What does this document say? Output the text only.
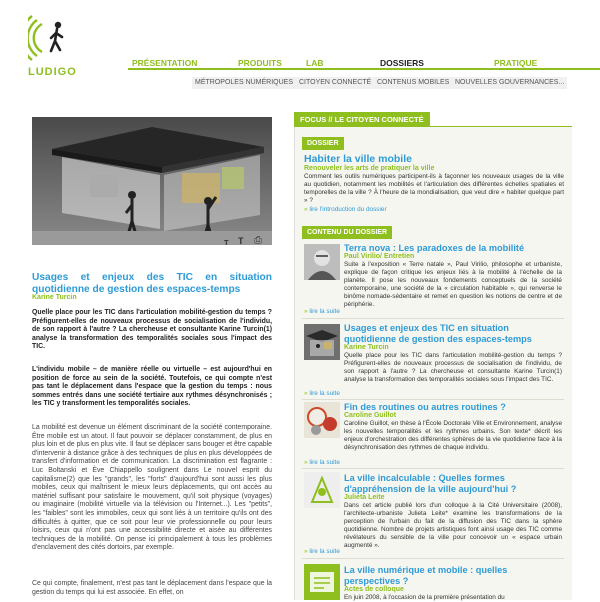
LUDIGO
PRÉSENTATION	PRODUITS	LAB	DOSSIERS	PRATIQUE
MÉTROPOLES NUMÉRIQUES CITOYEN CONNECTÉ CONTENUS MOBILES NOUVELLES GOUVERNANCES...
T T ⎙
Usages et enjeux des TIC en situation quotidienne de gestion des espaces-temps
Karine Turcin

Quelle place pour les TIC dans l'articulation mobilité-gestion du temps ? Préfigurent-elles de nouveaux processus de socialisation de l'individu, de son rapport à l'autre ? La chercheuse et consultante Karine Turcin(1) analyse la transformation des temporalités sociales sous l'impact des TIC.

L'individu mobile – de manière réelle ou virtuelle – est aujourd'hui en position de force au sein de la société. Toutefois, ce qui compte n'est pas tant le déplacement dans l'espace que la gestion du temps : nous sommes entrés dans une société tertiaire aux rythmes désynchronisés ; les TIC y transforment les temporalités sociales.

La mobilité est devenue un élément discriminant de la société contemporaine. Être mobile est un atout. Il faut pouvoir se déplacer constamment, de plus en plus loin et de plus en plus vite. Il faut se déplacer sans bouger et être capable d'intervenir à distance grâce à des techniques de plus en plus développées de transfert d'information et de communication. La discrimination est flagrante : Luc Boltanski et Ève Chiappello soulignent dans Le nouvel esprit du capitalisme(2) que les "grands", les "forts" d'aujourd'hui sont aussi les plus mobiles, ceux qui maîtrisent le mieux leurs déplacements, qui ont accès au matériel suffisant pour satisfaire le mouvement, qu'il soit physique (voyages) ou imaginaire (mobilité virtuelle via la télévision ou l'Internet...). Les "petits", les "faibles" sont les immobiles, ceux qui sont liés à un territoire qu'ils ont des difficultés à quitter, que ce soit pour leur vie professionnelle ou pour leurs loisirs, ceux qui n'ont pas une accessibilité directe et aisée au différentes techniques de la mobilité. On pense ici principalement à tous les problèmes d'enclavement des cités dortoirs, par exemple.

Ce qui compte, finalement, n'est pas tant le déplacement dans l'espace que la gestion du temps qui lui est associée. En effet, on

FOCUS // LE CITOYEN CONNECTÉ
DOSSIER
Habiter la ville mobile
Renouveler les arts de pratiquer la ville

Comment les outils numériques participent-ils à façonner les nouveaux usages de la ville au quotidien, notamment les mobilités et l'articulation des différentes échelles spatiales et temporelles de la ville ? À l'heure de la mondialisation, que veut dire « habiter quelque part » ?

» lire l'introduction du dossier
CONTENU DU DOSSIER
Terra nova : Les paradoxes de la mobilité
Paul Virilio/ Entretien

Suite à l'exposition « Terre natale », Paul Virilio, philosophe et urbaniste, explique de façon critique les enjeux liés à la mobilité à l'échelle de la planète. Il pose les nouveaux fondements conceptuels de la société contemporaine, une société de la « circulation habitable », qui renverse le binôme nomade-sédentaire et remet en question les notions de centre et de périphérie.

» lire la suite
Usages et enjeux des TIC en situation quotidienne de gestion des espaces-temps
Karine Turcin

Quelle place pour les TIC dans l'articulation mobilité-gestion du temps ? Préfigurent-elles de nouveaux processus de socialisation de l'individu, de son rapport à l'autre ? La chercheuse et consultante Karine Turcin(1) analyse la transformation des temporalités sociales sous l'impact des TIC.

» lire la suite
Fin des routines ou autres routines ?
Caroline Guillot

Caroline Guillot, en thèse à l'École Doctorale Ville et Environnement, analyse les nouvelles temporalités et les rythmes urbains. Son texte* décrit les enjeux d'orchestration des différentes sphères de la vie quotidienne face à la désynchronisation des rythmes de chaque individu.

» lire la suite
La ville incalculable : Quelles formes d'appréhension de la ville aujourd'hui ?
Julieta Leite

Dans cet article publié lors d'un colloque à la Cité Universitaire (2008), l'architecte-urbaniste Julieta Leite* examine les transformations de la perception de l'urbain du fait de la diffusion des TIC dans la sphère quotidienne. Nombre de projets artistiques font ainsi usage des TIC comme révélateurs du sensible de la ville pour concevoir un « espace urbain augmenté ».

» lire la suite
La ville numérique et mobile : quelles perspectives ?
Actes de colloque

En juin 2008, à l'occasion de la première présentation du
